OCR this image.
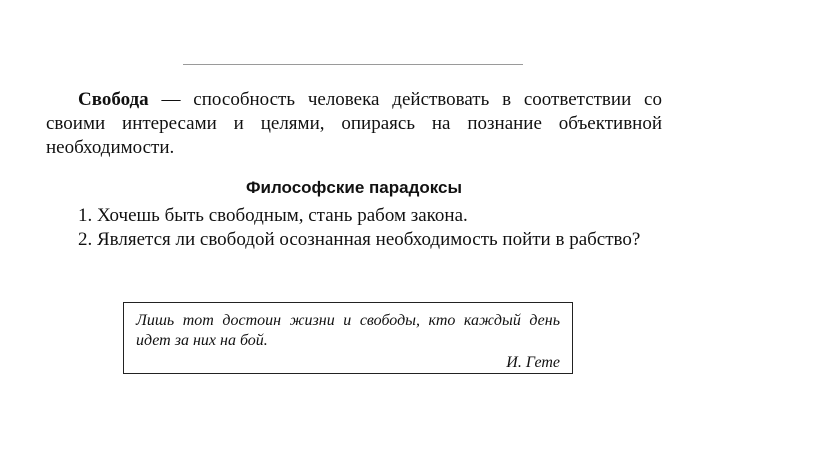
Свобода — способность человека действовать в соответствии со своими интересами и целями, опираясь на познание объективной необходимости.

Философские парадоксы
1. Хочешь быть свободным, стань рабом закона.
2. Является ли свободой осознанная необходимость пойти в рабство?

Лишь тот достоин жизни и свободы, кто каждый день идет за них на бой.

И. Гете
